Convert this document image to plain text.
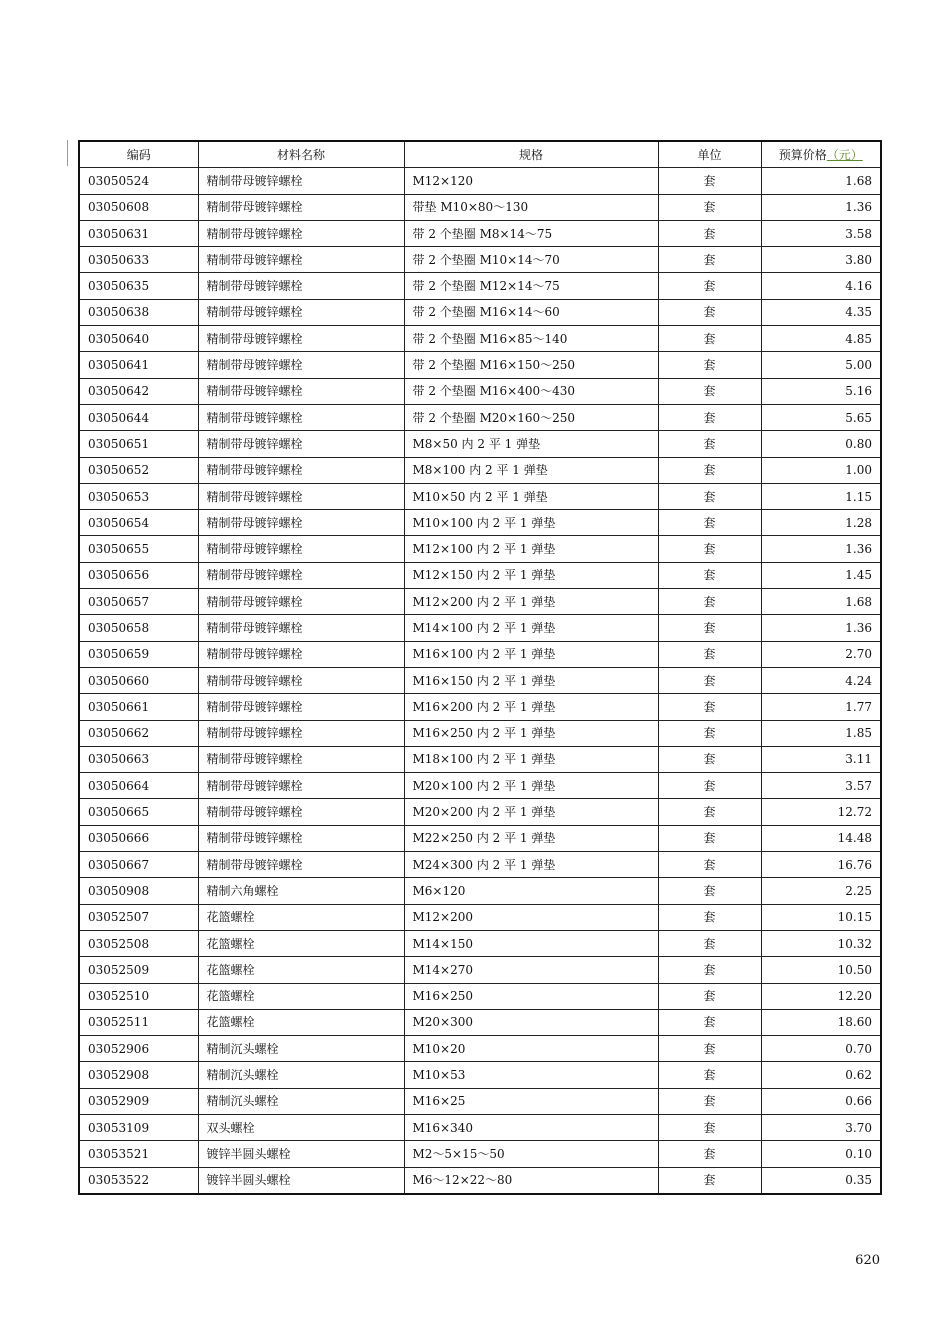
编码	材料名称	规格	单位	预算价格（元）
03050524	精制带母镀锌螺栓	M12×120	套	1.68
03050608	精制带母镀锌螺栓	带垫 M10×80～130	套	1.36
03050631	精制带母镀锌螺栓	带 2 个垫圈 M8×14～75	套	3.58
03050633	精制带母镀锌螺栓	带 2 个垫圈 M10×14～70	套	3.80
03050635	精制带母镀锌螺栓	带 2 个垫圈 M12×14～75	套	4.16
03050638	精制带母镀锌螺栓	带 2 个垫圈 M16×14～60	套	4.35
03050640	精制带母镀锌螺栓	带 2 个垫圈 M16×85～140	套	4.85
03050641	精制带母镀锌螺栓	带 2 个垫圈 M16×150～250	套	5.00
03050642	精制带母镀锌螺栓	带 2 个垫圈 M16×400～430	套	5.16
03050644	精制带母镀锌螺栓	带 2 个垫圈 M20×160～250	套	5.65
03050651	精制带母镀锌螺栓	M8×50 内 2 平 1 弹垫	套	0.80
03050652	精制带母镀锌螺栓	M8×100 内 2 平 1 弹垫	套	1.00
03050653	精制带母镀锌螺栓	M10×50 内 2 平 1 弹垫	套	1.15
03050654	精制带母镀锌螺栓	M10×100 内 2 平 1 弹垫	套	1.28
03050655	精制带母镀锌螺栓	M12×100 内 2 平 1 弹垫	套	1.36
03050656	精制带母镀锌螺栓	M12×150 内 2 平 1 弹垫	套	1.45
03050657	精制带母镀锌螺栓	M12×200 内 2 平 1 弹垫	套	1.68
03050658	精制带母镀锌螺栓	M14×100 内 2 平 1 弹垫	套	1.36
03050659	精制带母镀锌螺栓	M16×100 内 2 平 1 弹垫	套	2.70
03050660	精制带母镀锌螺栓	M16×150 内 2 平 1 弹垫	套	4.24
03050661	精制带母镀锌螺栓	M16×200 内 2 平 1 弹垫	套	1.77
03050662	精制带母镀锌螺栓	M16×250 内 2 平 1 弹垫	套	1.85
03050663	精制带母镀锌螺栓	M18×100 内 2 平 1 弹垫	套	3.11
03050664	精制带母镀锌螺栓	M20×100 内 2 平 1 弹垫	套	3.57
03050665	精制带母镀锌螺栓	M20×200 内 2 平 1 弹垫	套	12.72
03050666	精制带母镀锌螺栓	M22×250 内 2 平 1 弹垫	套	14.48
03050667	精制带母镀锌螺栓	M24×300 内 2 平 1 弹垫	套	16.76
03050908	精制六角螺栓	M6×120	套	2.25
03052507	花篮螺栓	M12×200	套	10.15
03052508	花篮螺栓	M14×150	套	10.32
03052509	花篮螺栓	M14×270	套	10.50
03052510	花篮螺栓	M16×250	套	12.20
03052511	花篮螺栓	M20×300	套	18.60
03052906	精制沉头螺栓	M10×20	套	0.70
03052908	精制沉头螺栓	M10×53	套	0.62
03052909	精制沉头螺栓	M16×25	套	0.66
03053109	双头螺栓	M16×340	套	3.70
03053521	镀锌半圆头螺栓	M2～5×15～50	套	0.10
03053522	镀锌半圆头螺栓	M6～12×22～80	套	0.35
620
